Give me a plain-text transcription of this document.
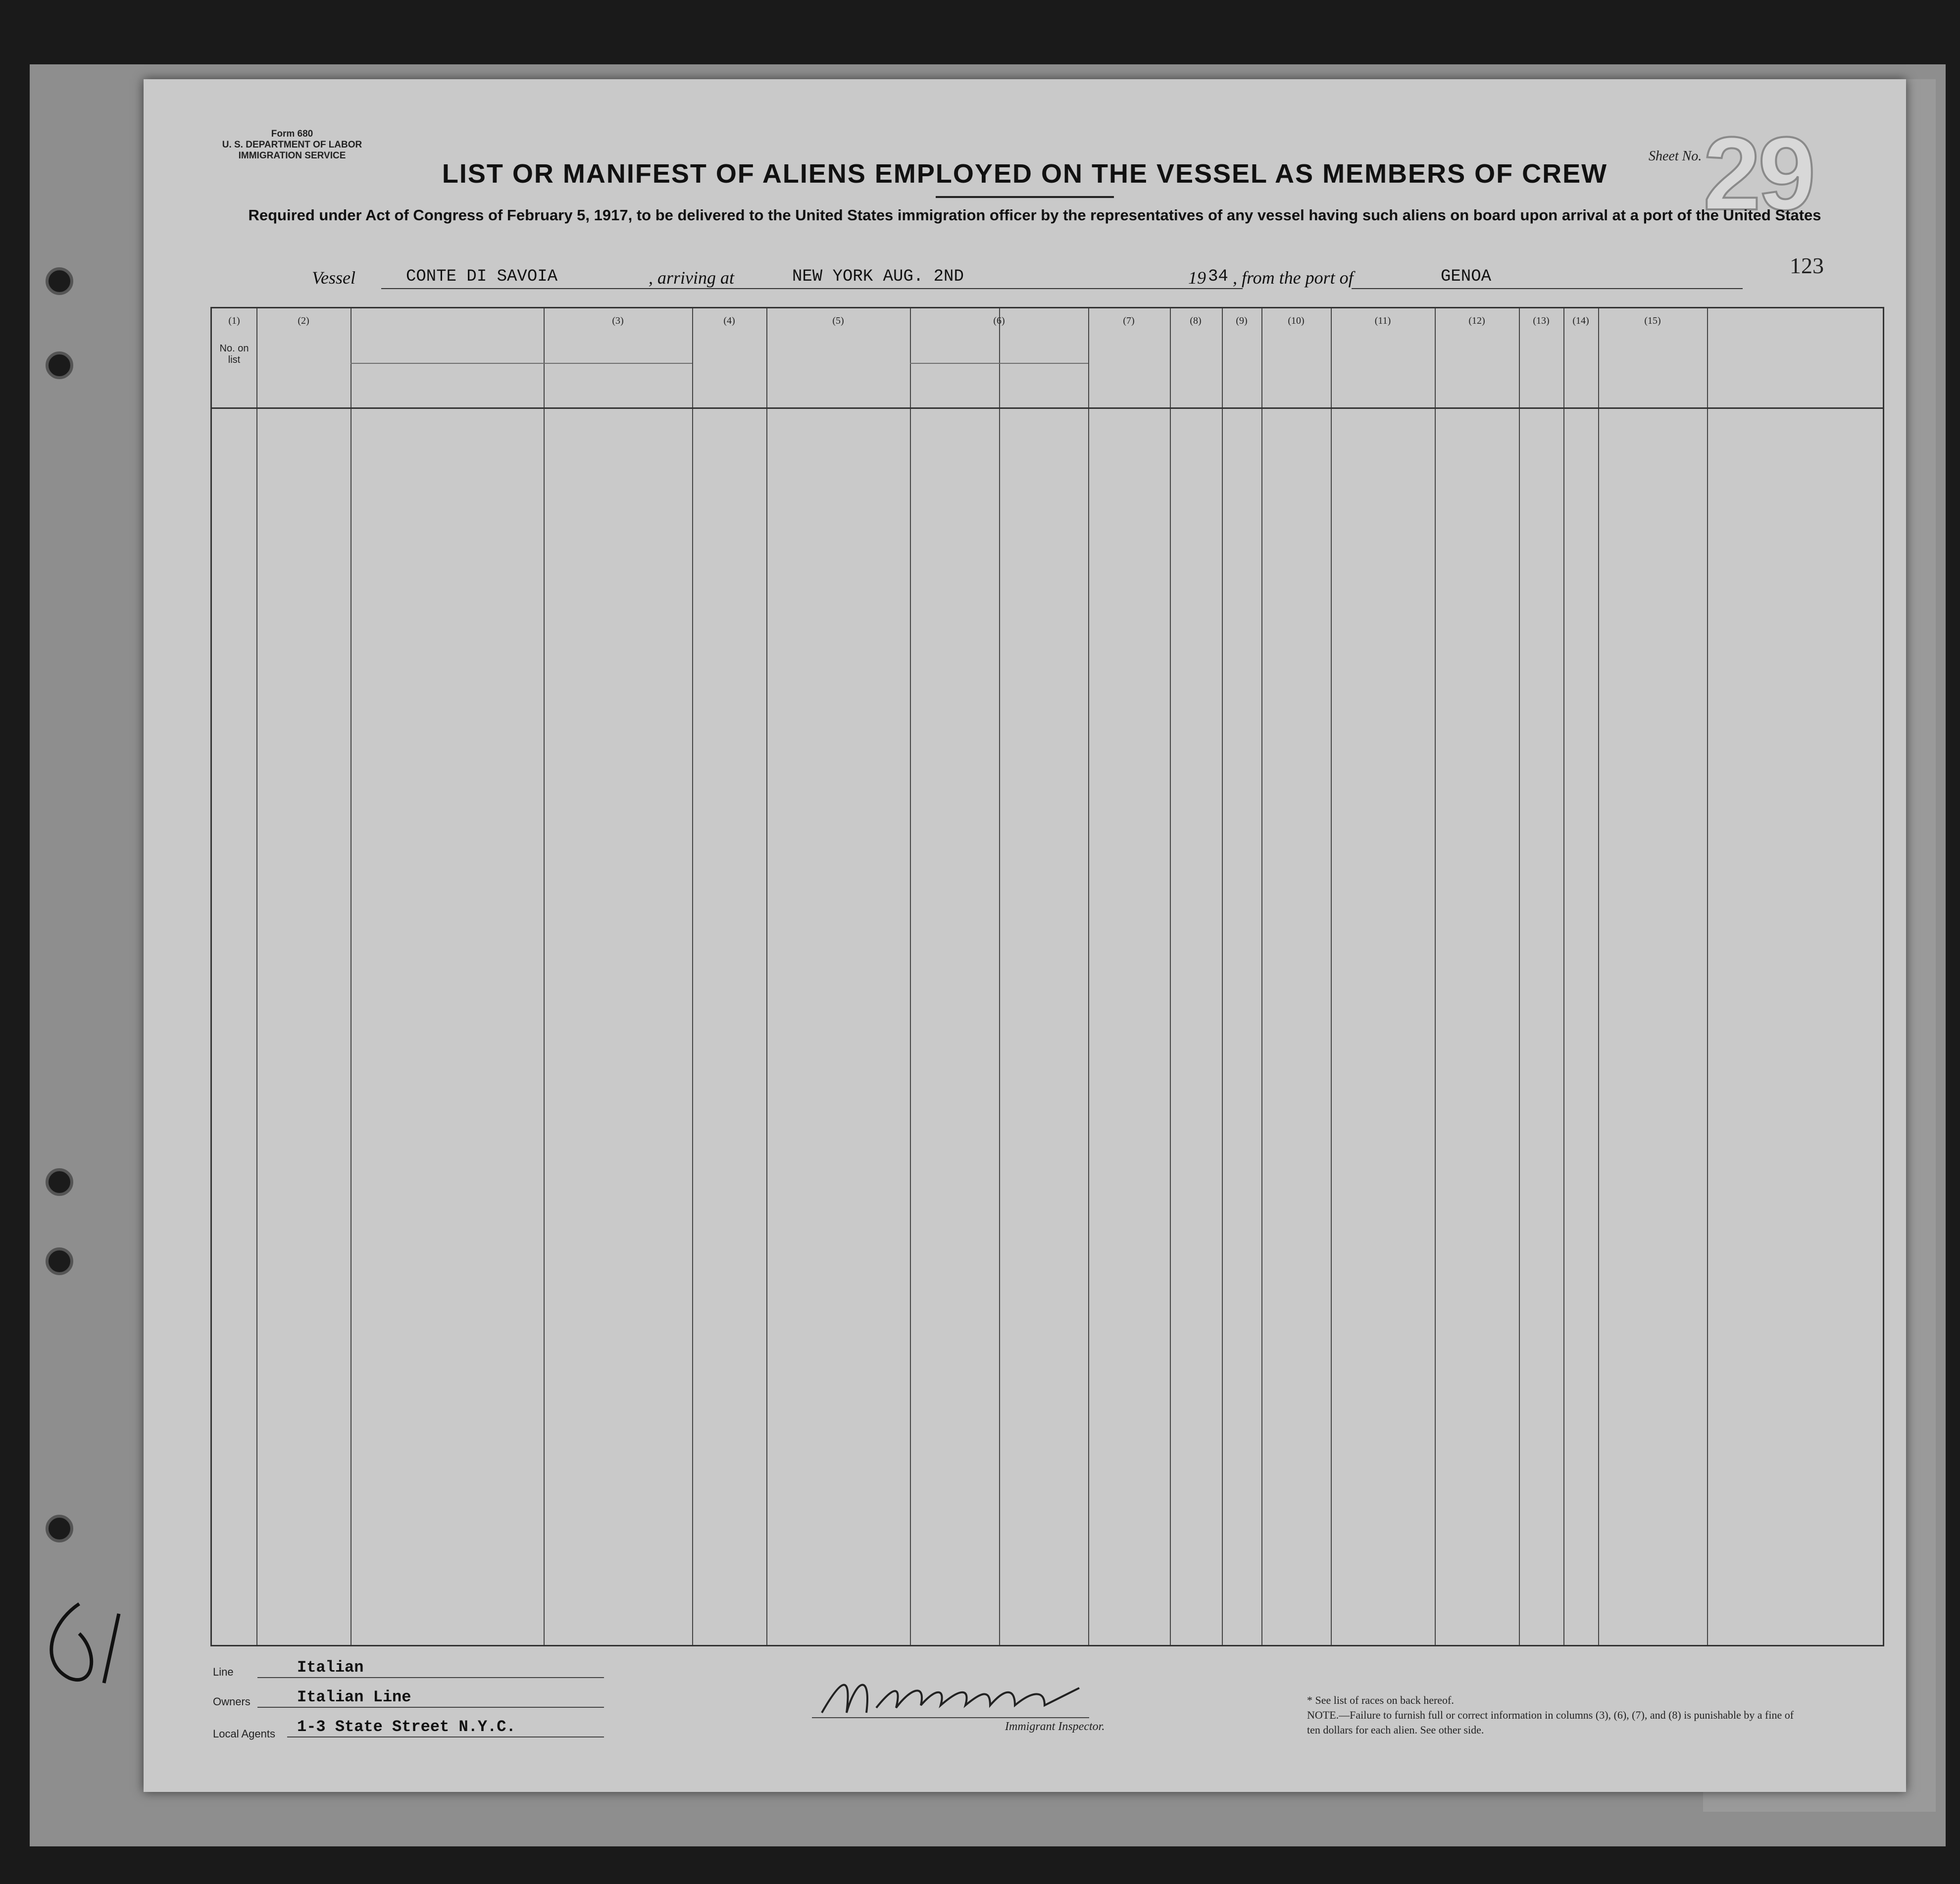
Form 680
U. S. DEPARTMENT OF LABOR
IMMIGRATION SERVICE	Sheet No. 29
LIST OR MANIFEST OF ALIENS EMPLOYED ON THE VESSEL AS MEMBERS OF CREW
Required under Act of Congress of February 5, 1917, to be delivered to the United States immigration officer by the representatives of any vessel having such aliens on board upon arrival at a port of the United States
123
Vessel	CONTE DI SAVOIA	, arriving at	NEW YORK AUG. 2ND	19 34 , from the port of	GENOA
(1)	(2)	(3)	(4)	(5)	(6)	(7)	(8)	(9)	(10)	(11)	(12)	(13)	(14)	(15)
No. on list
Line	Italian
Owners	Italian Line
Local Agents 1-3 State Street N.Y.C.	Immigrant Inspector.
* See list of races on back hereof.
NOTE.—Failure to furnish full or correct information in columns (3), (6), (7), and (8) is punishable by a fine of ten dollars for each alien. See other side.
